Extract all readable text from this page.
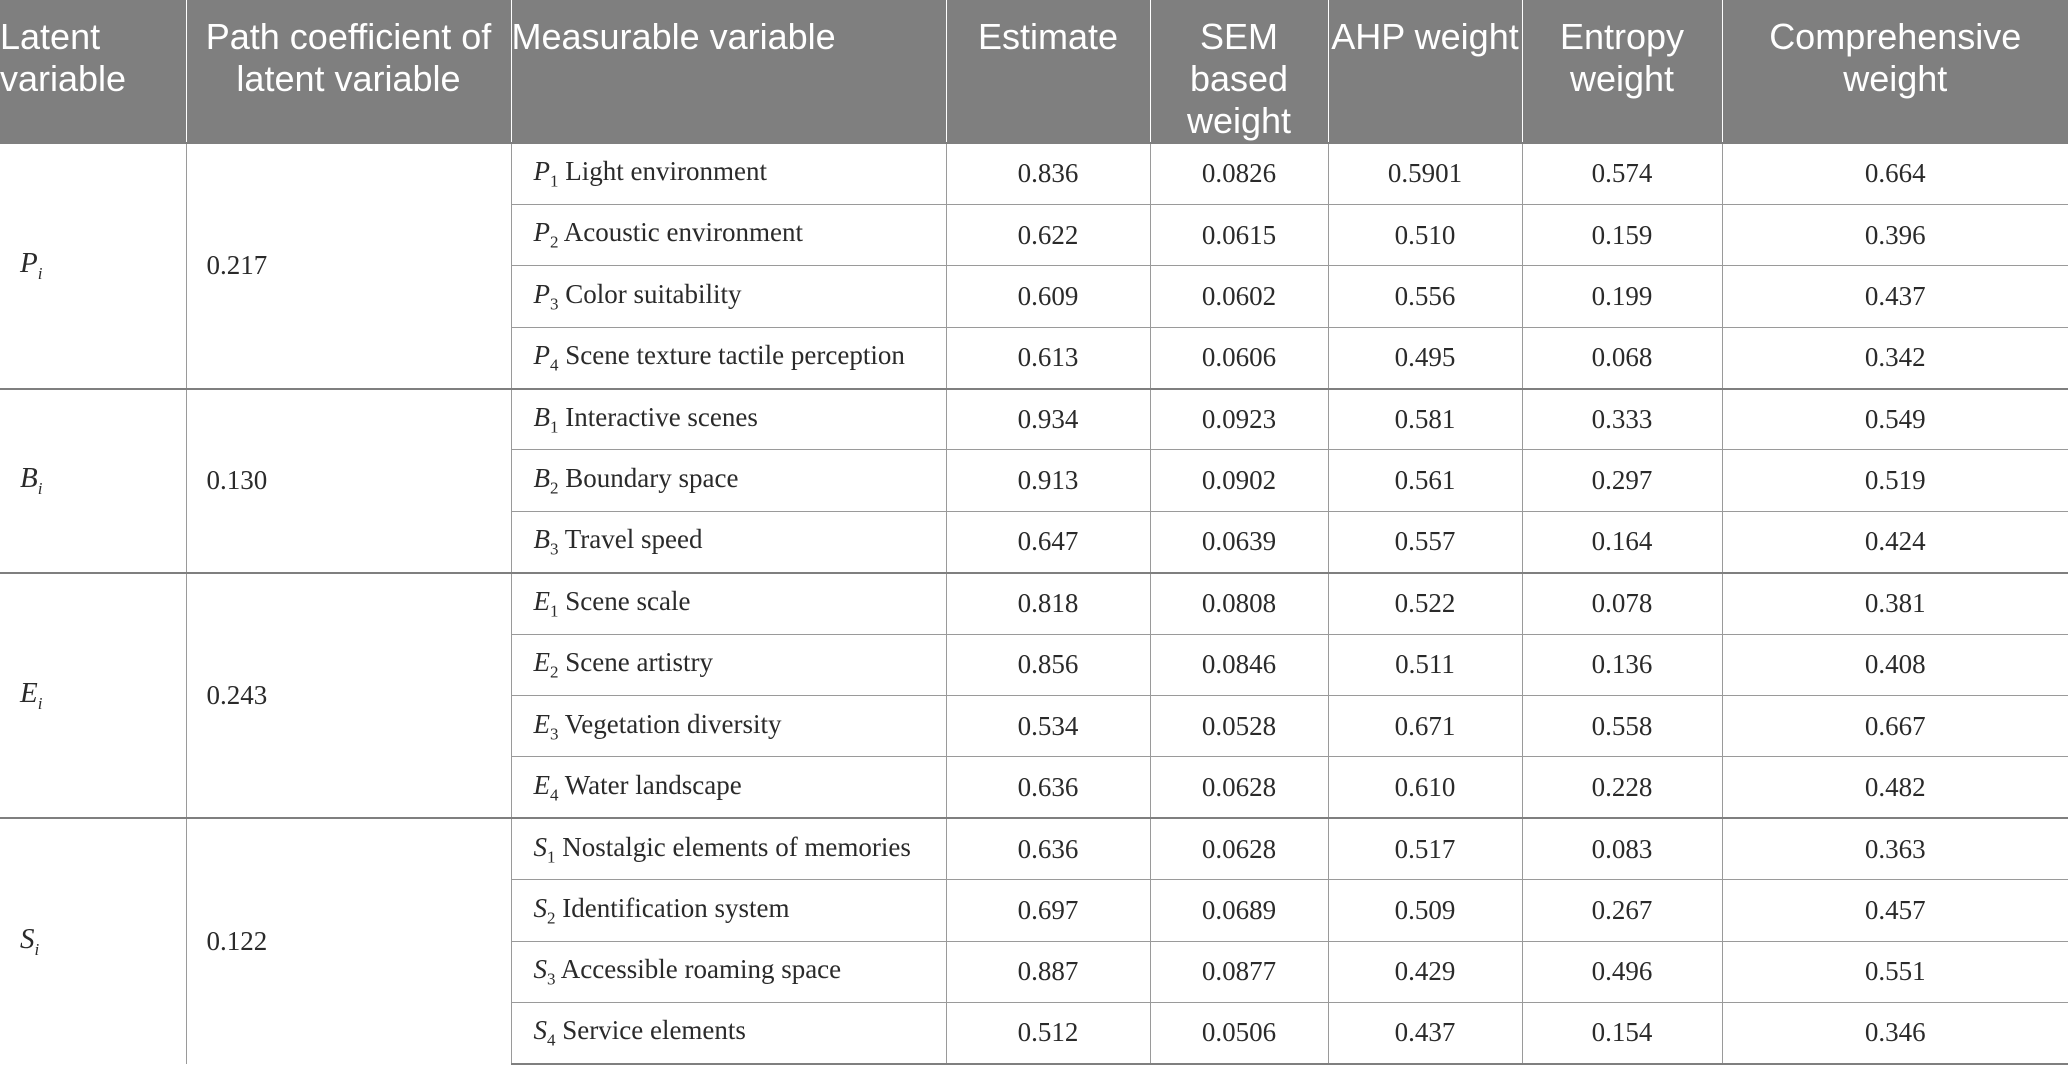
Latent variable	Path coefficient of latent variable	Measurable variable	Estimate	SEM based weight	AHP weight	Entropy weight	Comprehensive weight
$P_i$	0.217	$P_1$ Light environment	0.836	0.0826	0.5901	0.574	0.664
		$P_2$ Acoustic environment	0.622	0.0615	0.510	0.159	0.396
		$P_3$ Color suitability	0.609	0.0602	0.556	0.199	0.437
		$P_4$ Scene texture tactile perception	0.613	0.0606	0.495	0.068	0.342
$B_i$	0.130	$B_1$ Interactive scenes	0.934	0.0923	0.581	0.333	0.549
		$B_2$ Boundary space	0.913	0.0902	0.561	0.297	0.519
		$B_3$ Travel speed	0.647	0.0639	0.557	0.164	0.424
$E_i$	0.243	$E_1$ Scene scale	0.818	0.0808	0.522	0.078	0.381
		$E_2$ Scene artistry	0.856	0.0846	0.511	0.136	0.408
		$E_3$ Vegetation diversity	0.534	0.0528	0.671	0.558	0.667
		$E_4$ Water landscape	0.636	0.0628	0.610	0.228	0.482
$S_i$	0.122	$S_1$ Nostalgic elements of memories	0.636	0.0628	0.517	0.083	0.363
		$S_2$ Identification system	0.697	0.0689	0.509	0.267	0.457
		$S_3$ Accessible roaming space	0.887	0.0877	0.429	0.496	0.551
		$S_4$ Service elements	0.512	0.0506	0.437	0.154	0.346
